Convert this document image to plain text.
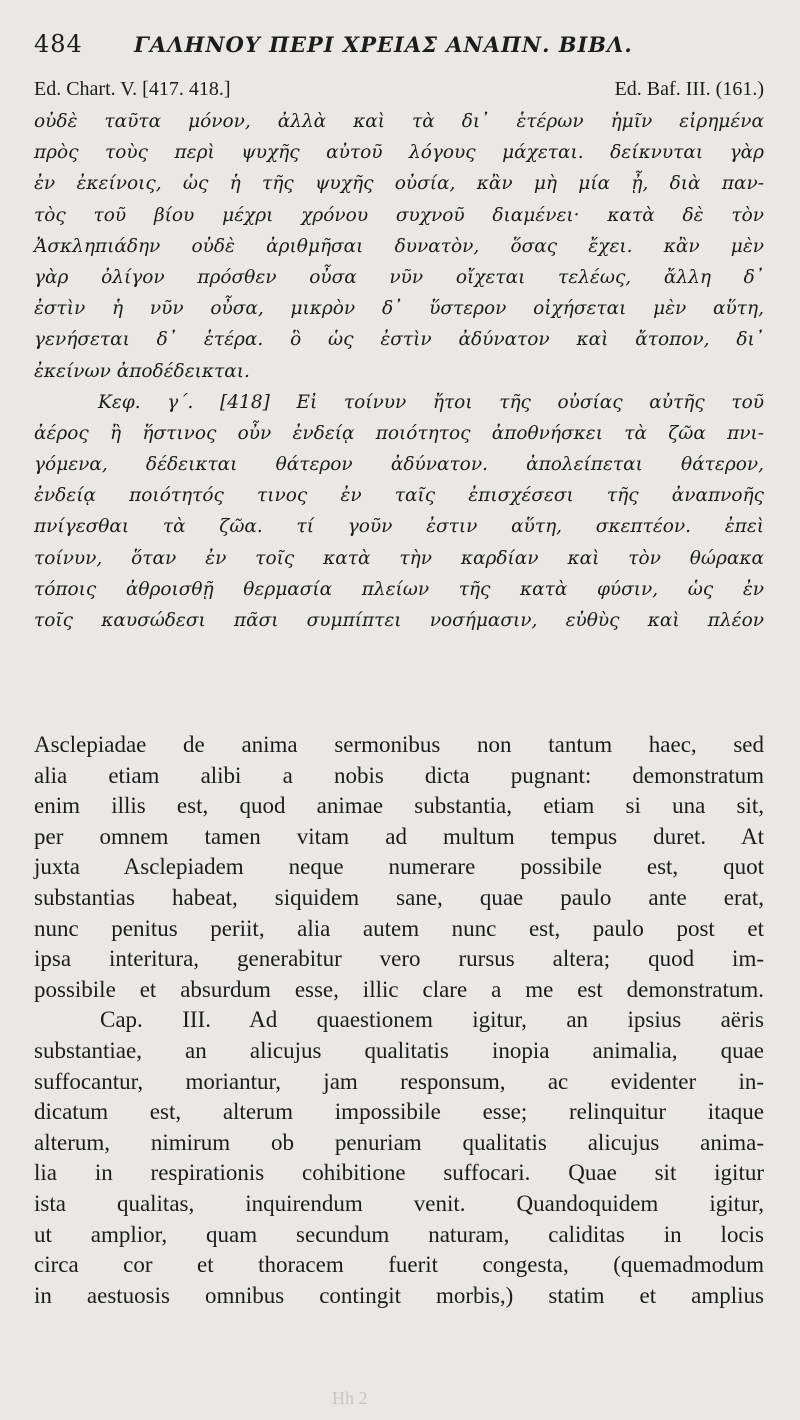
484	ΓΑΛΗΝΟΥ ΠΕΡΙ ΧΡΕΙΑΣ ΑΝΑΠΝ. ΒΙΒΛ.
Ed. Chart. V. [417. 418.]	Ed. Baf. III. (161.)
οὐδὲ ταῦτα μόνον, ἀλλὰ καὶ τὰ δι᾽ ἑτέρων ἡμῖν εἰρημένα
πρὸς τοὺς περὶ ψυχῆς αὐτοῦ λόγους μάχεται. δείκνυται γὰρ
ἐν ἐκείνοις, ὡς ἡ τῆς ψυχῆς οὐσία, κἂν μὴ μία ᾖ, διὰ παν-
τὸς τοῦ βίου μέχρι χρόνου συχνοῦ διαμένει· κατὰ δὲ τὸν
Ἀσκληπιάδην οὐδὲ ἀριθμῆσαι δυνατὸν, ὅσας ἔχει. κἂν μὲν
γὰρ ὀλίγον πρόσθεν οὖσα νῦν οἴχεται τελέως, ἄλλη δ᾽
ἐστὶν ἡ νῦν οὖσα, μικρὸν δ᾽ ὕστερον οἰχήσεται μὲν αὕτη,
γενήσεται δ᾽ ἑτέρα. ὃ ὡς ἐστὶν ἀδύνατον καὶ ἄτοπον, δι᾽
ἐκείνων ἀποδέδεικται.
Κεφ. γ΄. [418] Εἰ τοίνυν ἤτοι τῆς οὐσίας αὐτῆς τοῦ
ἀέρος ἢ ἥστινος οὖν ἐνδείᾳ ποιότητος ἀποθνήσκει τὰ ζῶα πνι-
γόμενα, δέδεικται θάτερον ἀδύνατον. ἀπολείπεται θάτερον,
ἐνδείᾳ ποιότητός τινος ἐν ταῖς ἐπισχέσεσι τῆς ἀναπνοῆς
πνίγεσθαι τὰ ζῶα. τί γοῦν ἐστιν αὕτη, σκεπτέον. ἐπεὶ
τοίνυν, ὅταν ἐν τοῖς κατὰ τὴν καρδίαν καὶ τὸν θώρακα
τόποις ἀθροισθῇ θερμασία πλείων τῆς κατὰ φύσιν, ὡς ἐν
τοῖς καυσώδεσι πᾶσι συμπίπτει νοσήμασιν, εὐθὺς καὶ πλέον
Asclepiadae de anima sermonibus non tantum haec, sed
alia etiam alibi a nobis dicta pugnant: demonstratum
enim illis est, quod animae substantia, etiam si una sit,
per omnem tamen vitam ad multum tempus duret. At
juxta Asclepiadem neque numerare possibile est, quot
substantias habeat, siquidem sane, quae paulo ante erat,
nunc penitus periit, alia autem nunc est, paulo post et
ipsa interitura, generabitur vero rursus altera; quod im-
possibile et absurdum esse, illic clare a me est demonstratum.
Cap. III. Ad quaestionem igitur, an ipsius aëris
substantiae, an alicujus qualitatis inopia animalia, quae
suffocantur, moriantur, jam responsum, ac evidenter in-
dicatum est, alterum impossibile esse; relinquitur itaque
alterum, nimirum ob penuriam qualitatis alicujus anima-
lia in respirationis cohibitione suffocari. Quae sit igitur
ista qualitas, inquirendum venit. Quandoquidem igitur,
ut amplior, quam secundum naturam, caliditas in locis
circa cor et thoracem fuerit congesta, (quemadmodum
in aestuosis omnibus contingit morbis,) statim et amplius
Hh 2
